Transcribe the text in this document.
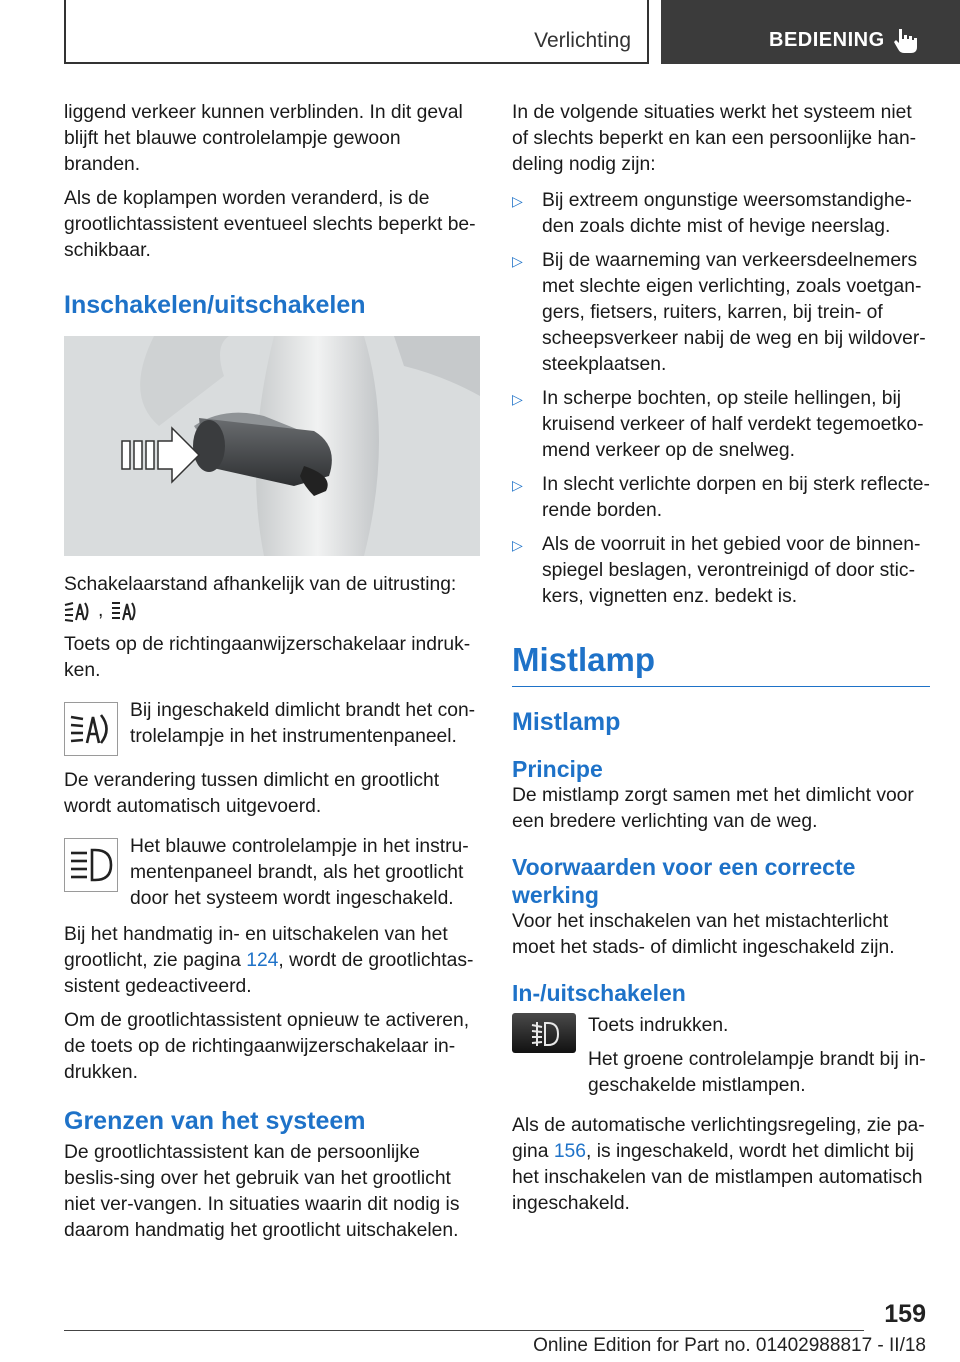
Verlichting	BEDIENING

liggend verkeer kunnen verblinden. In dit geval blijft het blauwe controlelampje gewoon branden.

Als de koplampen worden veranderd, is de grootlichtassistent eventueel slechts beperkt be-schikbaar.

Inschakelen/uitschakelen

Schakelaarstand afhankelijk van de uitrusting:

,

Toets op de richtingaanwijzerschakelaar indruk-ken.

Bij ingeschakeld dimlicht brandt het con-trolelampje in het instrumentenpaneel.

De verandering tussen dimlicht en grootlicht wordt automatisch uitgevoerd.

Het blauwe controlelampje in het instru-mentenpaneel brandt, als het grootlicht door het systeem wordt ingeschakeld.

Bij het handmatig in- en uitschakelen van het grootlicht, zie pagina 124, wordt de grootlichtas-sistent gedeactiveerd.

Om de grootlichtassistent opnieuw te activeren, de toets op de richtingaanwijzerschakelaar in-drukken.

Grenzen van het systeem

De grootlichtassistent kan de persoonlijke beslis-sing over het gebruik van het grootlicht niet ver-vangen. In situaties waarin dit nodig is daarom handmatig het grootlicht uitschakelen.

In de volgende situaties werkt het systeem niet of slechts beperkt en kan een persoonlijke han-deling nodig zijn:

▷ Bij extreem ongunstige weersomstandighe-den zoals dichte mist of hevige neerslag.
▷ Bij de waarneming van verkeersdeelnemers met slechte eigen verlichting, zoals voetgan-gers, fietsers, ruiters, karren, bij trein- of scheepsverkeer nabij de weg en bij wildover-steekplaatsen.
▷ In scherpe bochten, op steile hellingen, bij kruisend verkeer of half verdekt tegemoetko-mend verkeer op de snelweg.
▷ In slecht verlichte dorpen en bij sterk reflecte-rende borden.
▷ Als de voorruit in het gebied voor de binnen-spiegel beslagen, verontreinigd of door stic-kers, vignetten enz. bedekt is.
Mistlamp
Mistlamp
Principe

De mistlamp zorgt samen met het dimlicht voor een bredere verlichting van de weg.

Voorwaarden voor een correcte werking

Voor het inschakelen van het mistachterlicht moet het stads- of dimlicht ingeschakeld zijn.

In-/uitschakelen

Toets indrukken.

Het groene controlelampje brandt bij in-geschakelde mistlampen.

Als de automatische verlichtingsregeling, zie pa-gina 156, is ingeschakeld, wordt het dimlicht bij het inschakelen van de mistlampen automatisch ingeschakeld.

159
Online Edition for Part no. 01402988817 - II/18
